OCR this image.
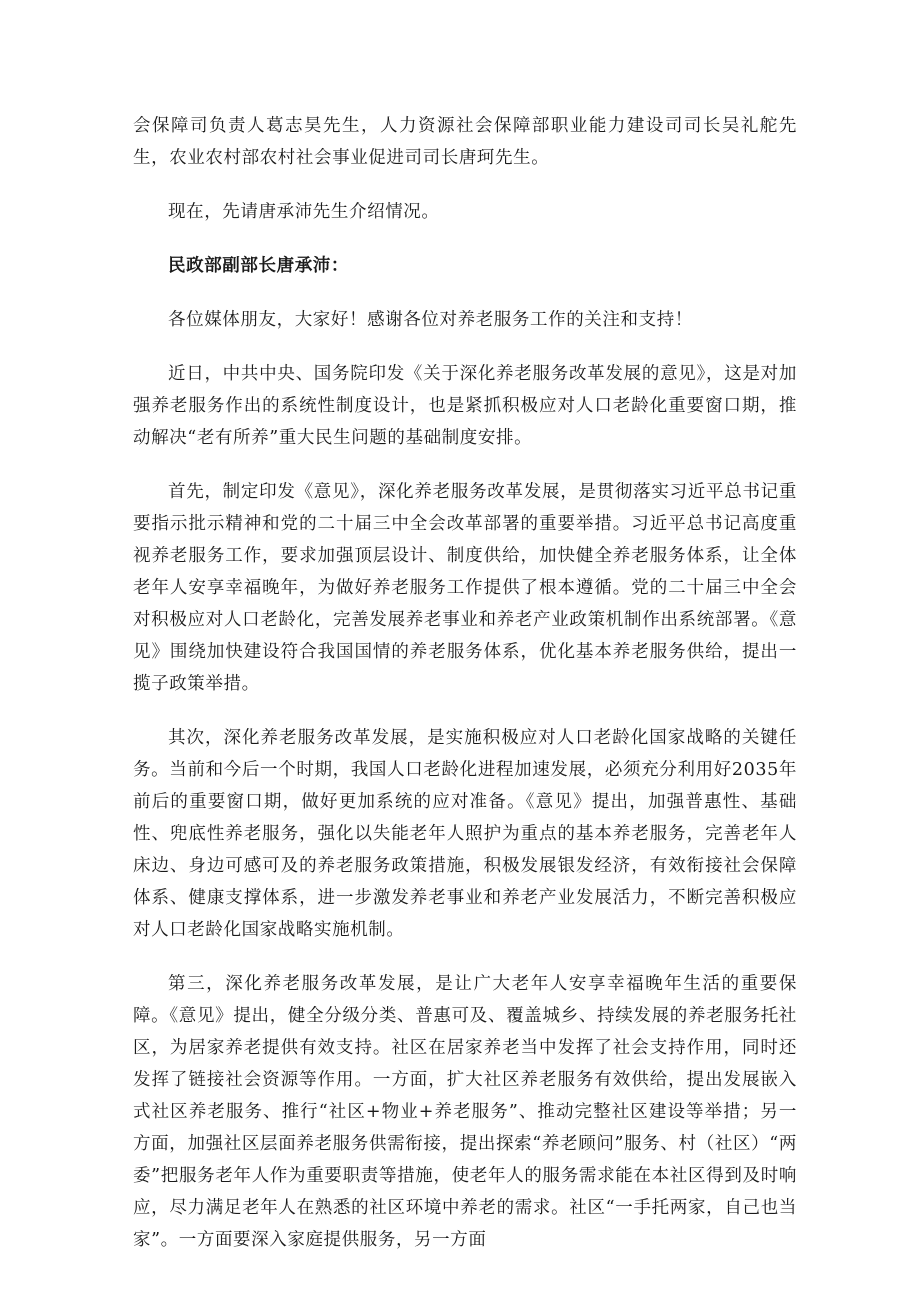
会保障司负责人葛志昊先生，人力资源社会保障部职业能力建设司司长吴礼舵先生，农业农村部农村社会事业促进司司长唐珂先生。

现在，先请唐承沛先生介绍情况。

民政部副部长唐承沛：

各位媒体朋友，大家好！感谢各位对养老服务工作的关注和支持！

近日，中共中央、国务院印发《关于深化养老服务改革发展的意见》，这是对加强养老服务作出的系统性制度设计，也是紧抓积极应对人口老龄化重要窗口期，推动解决“老有所养”重大民生问题的基础制度安排。

首先，制定印发《意见》，深化养老服务改革发展，是贯彻落实习近平总书记重要指示批示精神和党的二十届三中全会改革部署的重要举措。习近平总书记高度重视养老服务工作，要求加强顶层设计、制度供给，加快健全养老服务体系，让全体老年人安享幸福晚年，为做好养老服务工作提供了根本遵循。党的二十届三中全会对积极应对人口老龄化，完善发展养老事业和养老产业政策机制作出系统部署。《意见》围绕加快建设符合我国国情的养老服务体系，优化基本养老服务供给，提出一揽子政策举措。

其次，深化养老服务改革发展，是实施积极应对人口老龄化国家战略的关键任务。当前和今后一个时期，我国人口老龄化进程加速发展，必须充分利用好2035年前后的重要窗口期，做好更加系统的应对准备。《意见》提出，加强普惠性、基础性、兜底性养老服务，强化以失能老年人照护为重点的基本养老服务，完善老年人床边、身边可感可及的养老服务政策措施，积极发展银发经济，有效衔接社会保障体系、健康支撑体系，进一步激发养老事业和养老产业发展活力，不断完善积极应对人口老龄化国家战略实施机制。

第三，深化养老服务改革发展，是让广大老年人安享幸福晚年生活的重要保障。《意见》提出，健全分级分类、普惠可及、覆盖城乡、持续发展的养老服务托社区，为居家养老提供有效支持。社区在居家养老当中发挥了社会支持作用，同时还发挥了链接社会资源等作用。一方面，扩大社区养老服务有效供给，提出发展嵌入式社区养老服务、推行“社区+物业+养老服务”、推动完整社区建设等举措；另一方面，加强社区层面养老服务供需衔接，提出探索“养老顾问”服务、村（社区）“两委”把服务老年人作为重要职责等措施，使老年人的服务需求能在本社区得到及时响应，尽力满足老年人在熟悉的社区环境中养老的需求。社区“一手托两家，自己也当家”。一方面要深入家庭提供服务，另一方面
